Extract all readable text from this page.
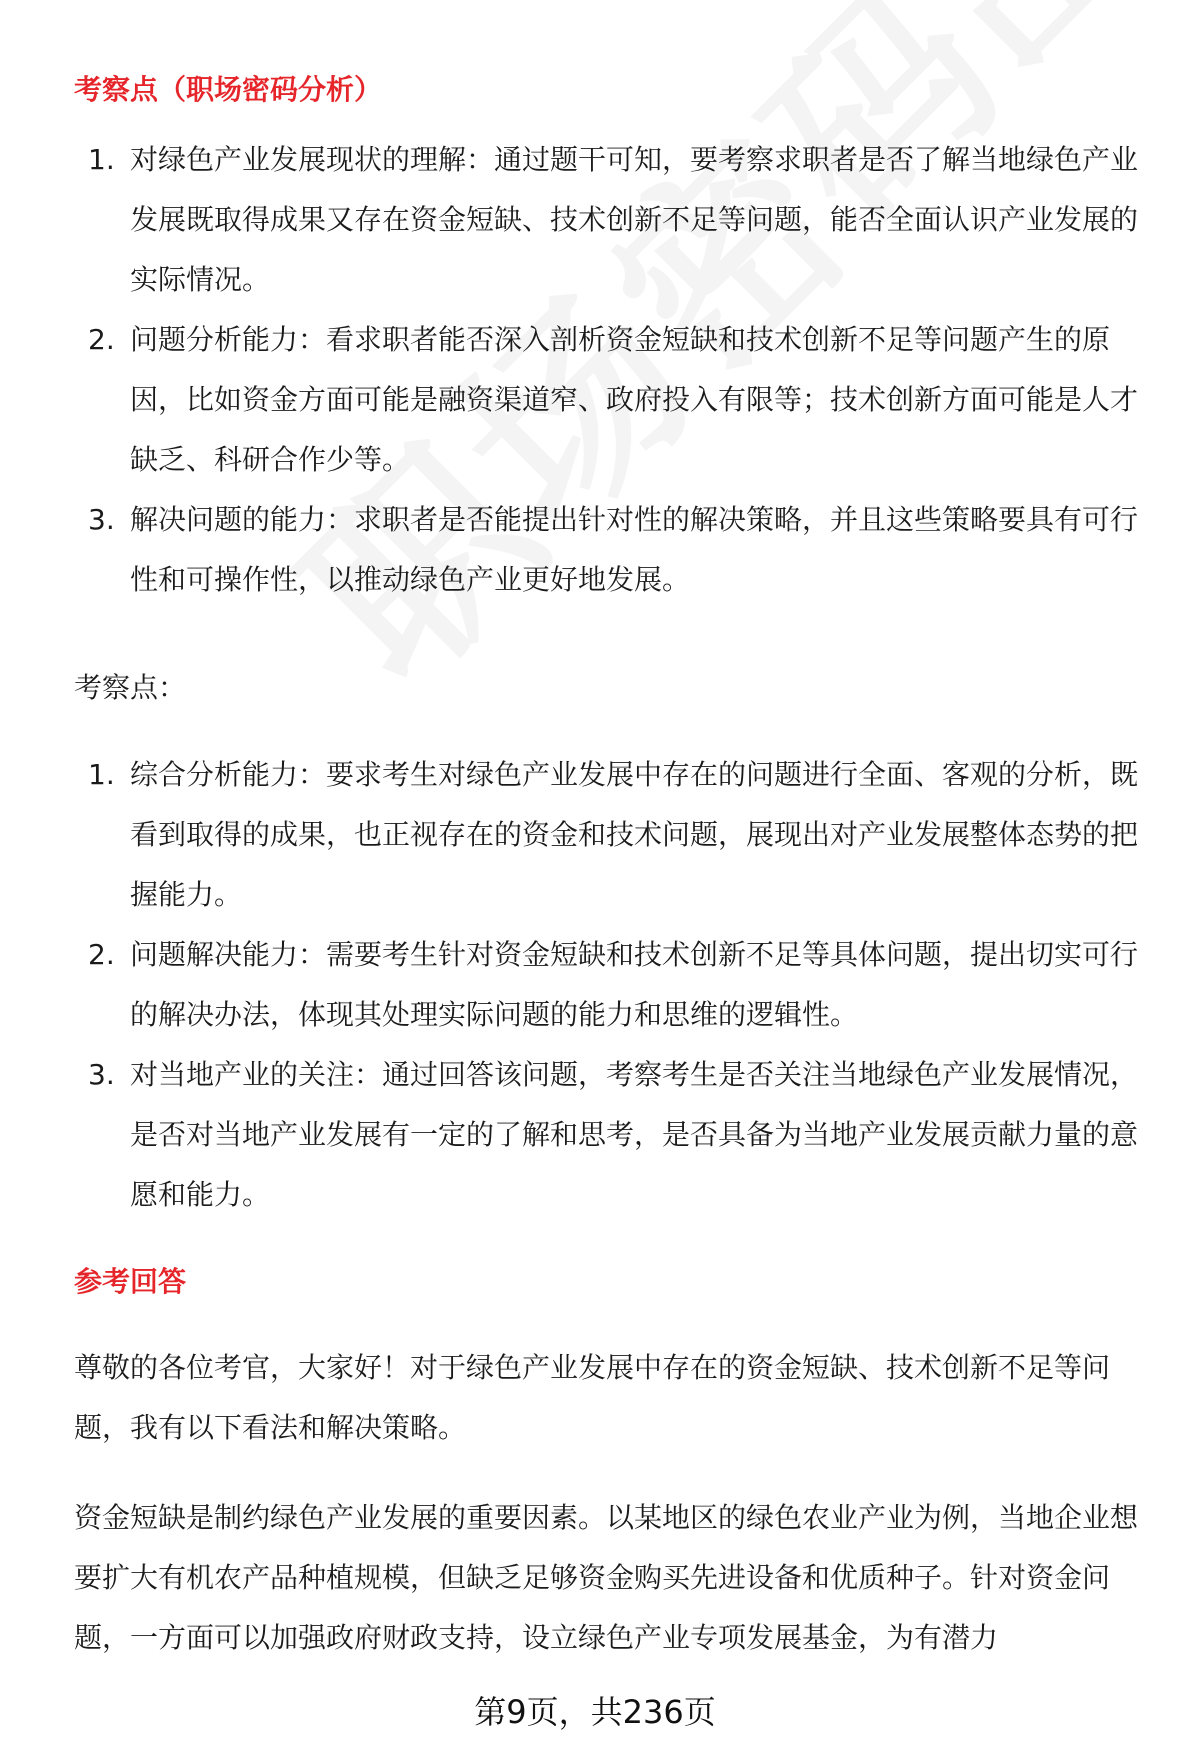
考察点（职场密码分析）
1. 对绿色产业发展现状的理解：通过题干可知，要考察求职者是否了解当地绿色产业发展既取得成果又存在资金短缺、技术创新不足等问题，能否全面认识产业发展的实际情况。
2. 问题分析能力：看求职者能否深入剖析资金短缺和技术创新不足等问题产生的原因，比如资金方面可能是融资渠道窄、政府投入有限等；技术创新方面可能是人才缺乏、科研合作少等。
3. 解决问题的能力：求职者是否能提出针对性的解决策略，并且这些策略要具有可行性和可操作性，以推动绿色产业更好地发展。
考察点：
1. 综合分析能力：要求考生对绿色产业发展中存在的问题进行全面、客观的分析，既看到取得的成果，也正视存在的资金和技术问题，展现出对产业发展整体态势的把握能力。
2. 问题解决能力：需要考生针对资金短缺和技术创新不足等具体问题，提出切实可行的解决办法，体现其处理实际问题的能力和思维的逻辑性。
3. 对当地产业的关注：通过回答该问题，考察考生是否关注当地绿色产业发展情况，是否对当地产业发展有一定的了解和思考，是否具备为当地产业发展贡献力量的意愿和能力。
参考回答

尊敬的各位考官，大家好！对于绿色产业发展中存在的资金短缺、技术创新不足等问题，我有以下看法和解决策略。

资金短缺是制约绿色产业发展的重要因素。以某地区的绿色农业产业为例，当地企业想要扩大有机农产品种植规模，但缺乏足够资金购买先进设备和优质种子。针对资金问题，一方面可以加强政府财政支持，设立绿色产业专项发展基金，为有潜力

第9页，共236页
